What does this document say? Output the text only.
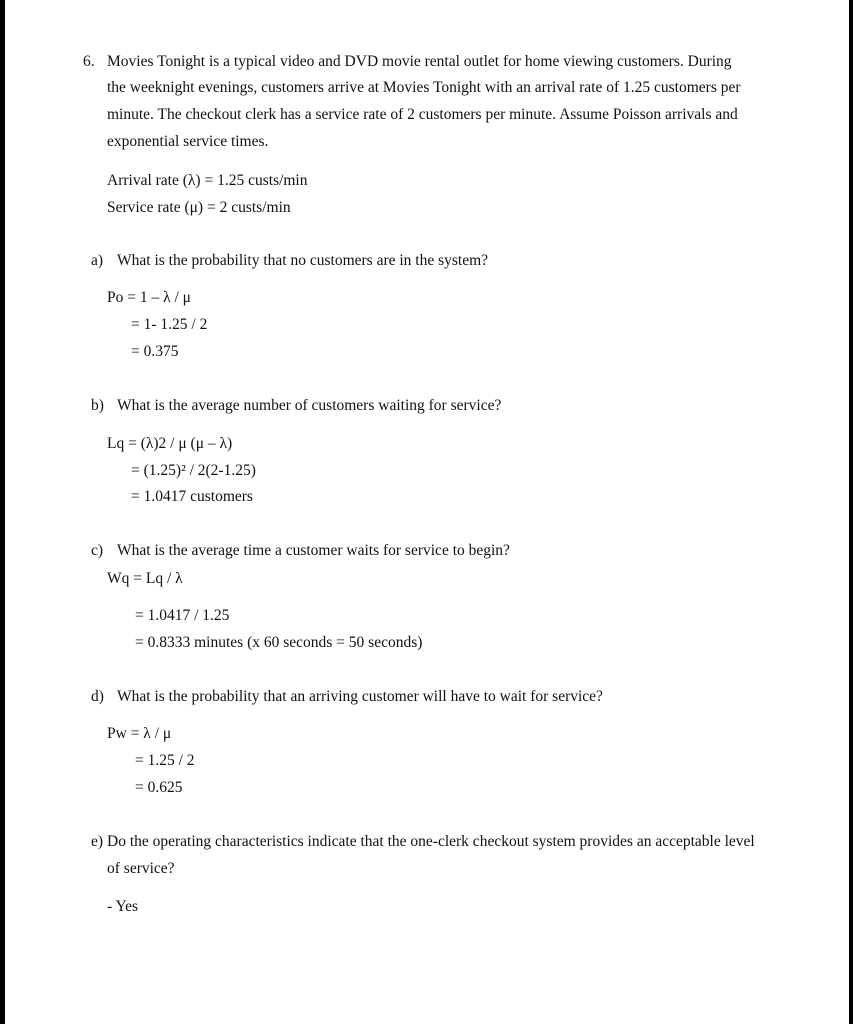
6. Movies Tonight is a typical video and DVD movie rental outlet for home viewing customers. During
the weeknight evenings, customers arrive at Movies Tonight with an arrival rate of 1.25 customers per
minute. The checkout clerk has a service rate of 2 customers per minute. Assume Poisson arrivals and
exponential service times.
Arrival rate (λ) = 1.25 custs/min
Service rate (μ) = 2 custs/min
a) What is the probability that no customers are in the system?
Po = 1 – λ / μ
= 1- 1.25 / 2
= 0.375
b) What is the average number of customers waiting for service?
Lq = (λ)2 / μ (μ – λ)
= (1.25)² / 2(2-1.25)
= 1.0417 customers
c) What is the average time a customer waits for service to begin?
Wq = Lq / λ
= 1.0417 / 1.25
= 0.8333 minutes (x 60 seconds = 50 seconds)
d) What is the probability that an arriving customer will have to wait for service?
Pw = λ / μ
= 1.25 / 2
= 0.625
e) Do the operating characteristics indicate that the one-clerk checkout system provides an acceptable level
of service?
- Yes
